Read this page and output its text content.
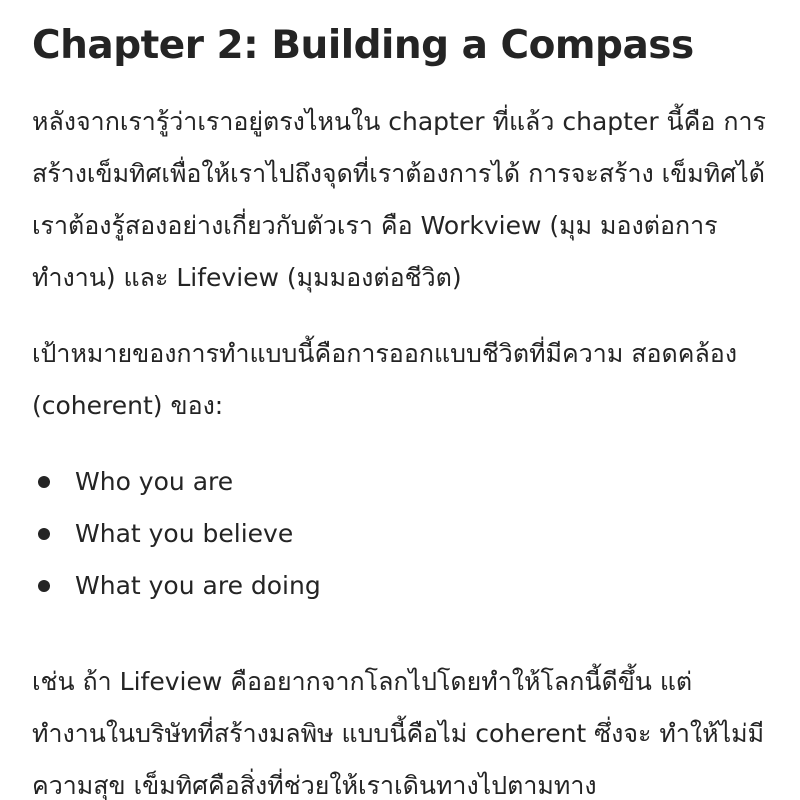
Chapter 2: Building a Compass

หลังจากเรารู้ว่าเราอยู่ตรงไหนใน chapter ที่แล้ว chapter นี้คือ การสร้างเข็มทิศเพื่อให้เราไปถึงจุดที่เราต้องการได้ การจะสร้าง เข็มทิศได้เราต้องรู้สองอย่างเกี่ยวกับตัวเรา คือ Workview (มุม มองต่อการทำงาน) และ Lifeview (มุมมองต่อชีวิต)

เป้าหมายของการทำแบบนี้คือการออกแบบชีวิตที่มีความ สอดคล้อง (coherent) ของ:

Who you are
What you believe
What you are doing

เช่น ถ้า Lifeview คืออยากจากโลกไปโดยทำให้โลกนี้ดีขึ้น แต่ ทำงานในบริษัทที่สร้างมลพิษ แบบนี้คือไม่ coherent ซึ่งจะ ทำให้ไม่มีความสุข เข็มทิศคือสิ่งที่ช่วยให้เราเดินทางไปตามทาง
